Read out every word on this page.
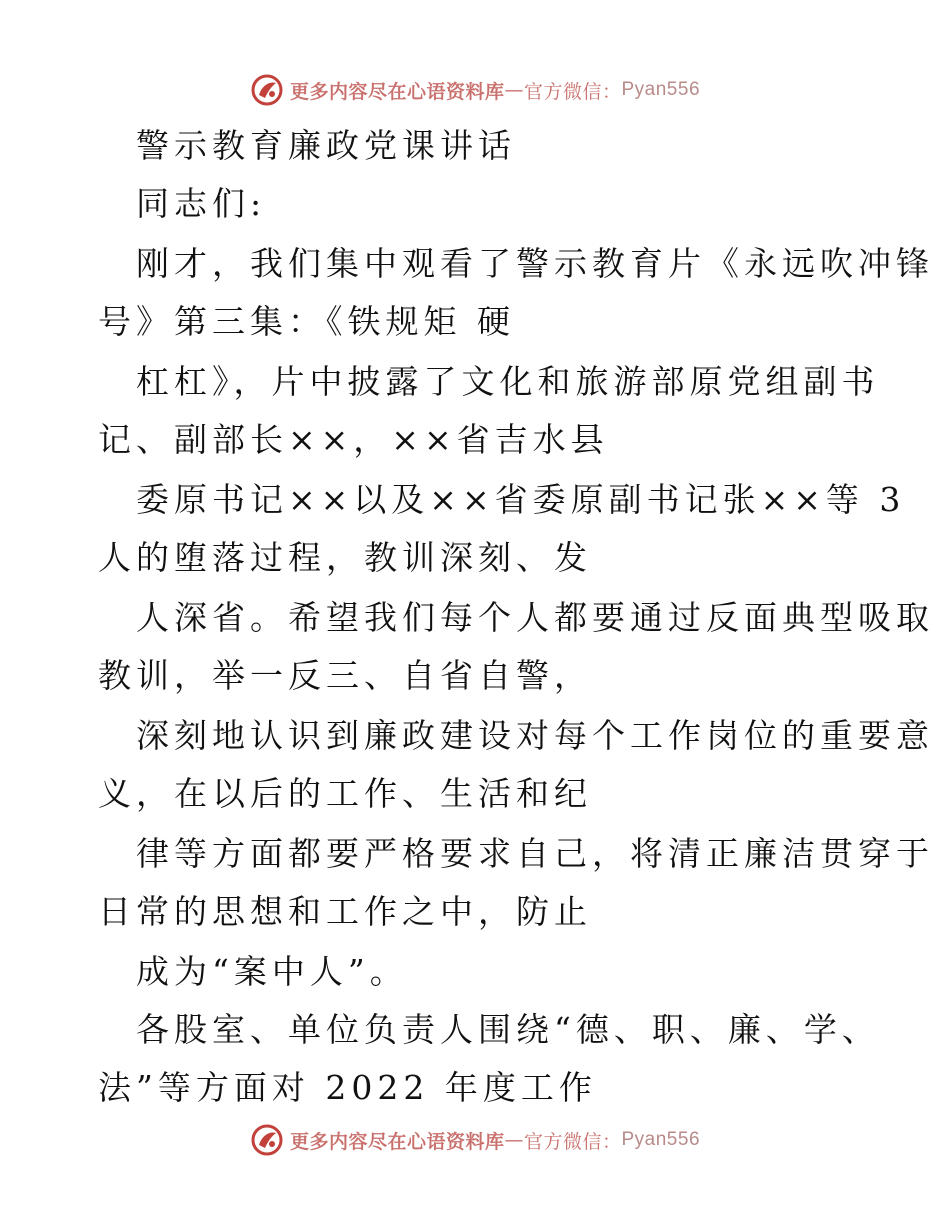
更多内容尽在心语资料库 — 官方微信： Pyan556
警示教育廉政党课讲话
同志们:
刚才，我们集中观看了警示教育片《永远吹冲锋
号》第三集：《铁规矩 硬
杠杠》，片中披露了文化和旅游部原党组副书
记、副部长××，××省吉水县
委原书记××以及××省委原副书记张××等 3
人的堕落过程，教训深刻、发
人深省。希望我们每个人都要通过反面典型吸取
教训，举一反三、自省自警，
深刻地认识到廉政建设对每个工作岗位的重要意
义，在以后的工作、生活和纪
律等方面都要严格要求自己，将清正廉洁贯穿于
日常的思想和工作之中，防止
成为“案中人”。
各股室、单位负责人围绕“德、职、廉、学、
法”等方面对 2022 年度工作
更多内容尽在心语资料库 — 官方微信： Pyan556
